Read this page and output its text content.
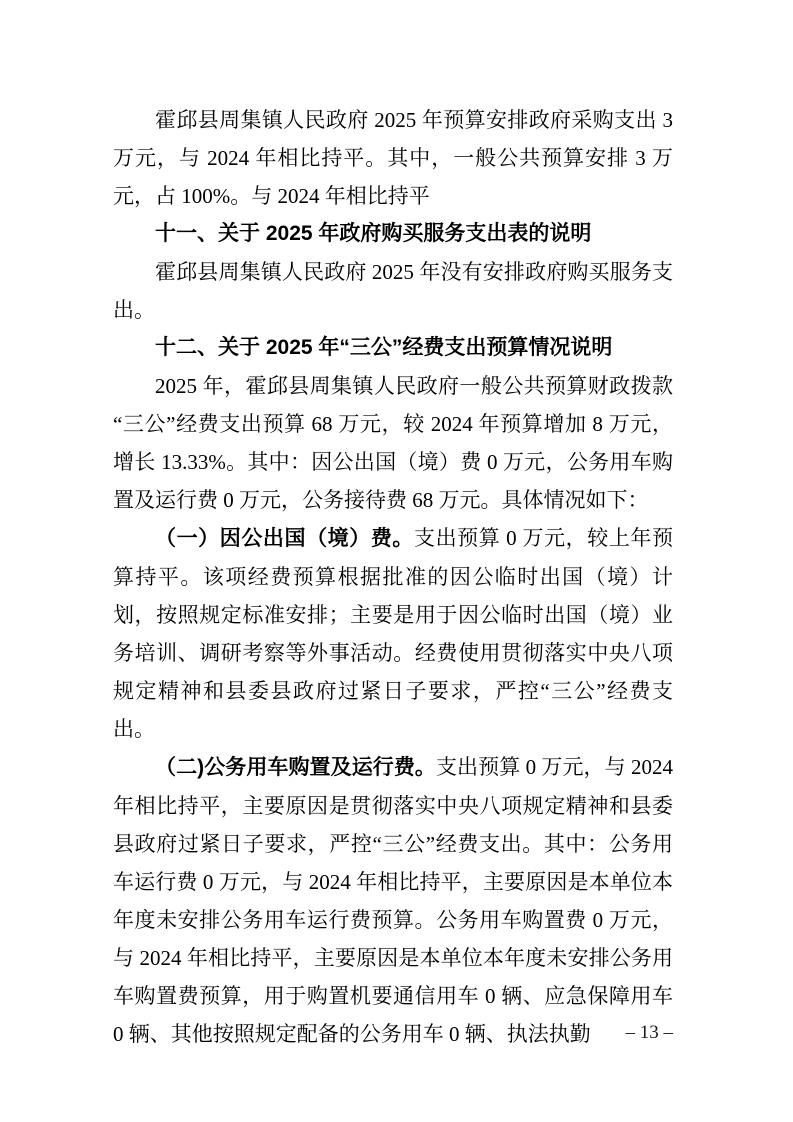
霍邱县周集镇人民政府 2025 年预算安排政府采购支出 3 万元，与 2024 年相比持平。其中，一般公共预算安排 3 万元，占 100%。与 2024 年相比持平

十一、关于 2025 年政府购买服务支出表的说明

霍邱县周集镇人民政府 2025 年没有安排政府购买服务支出。

十二、关于 2025 年“三公”经费支出预算情况说明

2025 年，霍邱县周集镇人民政府一般公共预算财政拨款“三公”经费支出预算 68 万元，较 2024 年预算增加 8 万元，增长 13.33%。其中：因公出国（境）费 0 万元，公务用车购置及运行费 0 万元，公务接待费 68 万元。具体情况如下：

（一）因公出国（境）费。支出预算 0 万元，较上年预算持平。该项经费预算根据批准的因公临时出国（境）计划，按照规定标准安排；主要是用于因公临时出国（境）业务培训、调研考察等外事活动。经费使用贯彻落实中央八项规定精神和县委县政府过紧日子要求，严控“三公”经费支出。

（二)公务用车购置及运行费。支出预算 0 万元，与 2024 年相比持平，主要原因是贯彻落实中央八项规定精神和县委县政府过紧日子要求，严控“三公”经费支出。其中：公务用车运行费 0 万元，与 2024 年相比持平，主要原因是本单位本年度未安排公务用车运行费预算。公务用车购置费 0 万元，与 2024 年相比持平，主要原因是本单位本年度未安排公务用车购置费预算，用于购置机要通信用车 0 辆、应急保障用车 0 辆、其他按照规定配备的公务用车 0 辆、执法执勤	– 13 –
